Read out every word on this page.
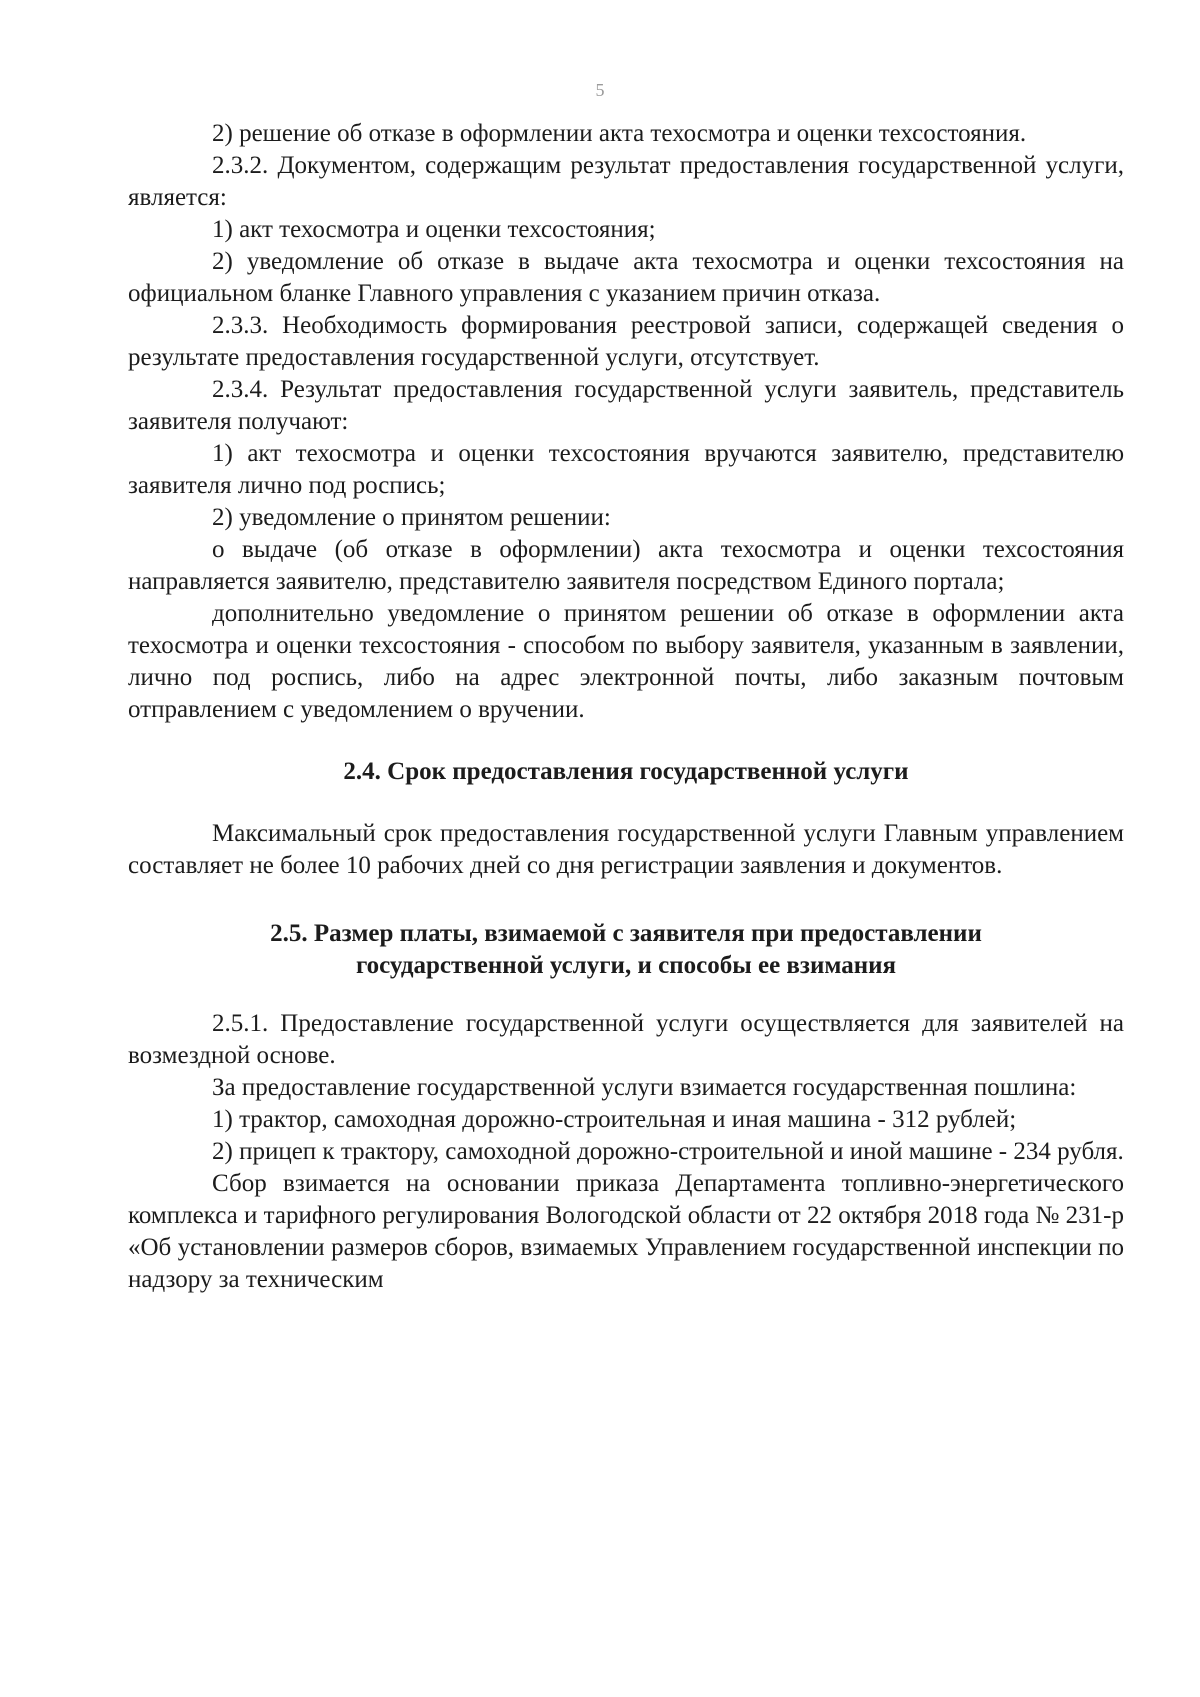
5

2) решение об отказе в оформлении акта техосмотра и оценки техсостояния.

2.3.2. Документом, содержащим результат предоставления государственной услуги, является:

1) акт техосмотра и оценки техсостояния;

2) уведомление об отказе в выдаче акта техосмотра и оценки техсостояния на официальном бланке Главного управления с указанием причин отказа.

2.3.3. Необходимость формирования реестровой записи, содержащей сведения о результате предоставления государственной услуги, отсутствует.

2.3.4. Результат предоставления государственной услуги заявитель, представитель заявителя получают:

1) акт техосмотра и оценки техсостояния вручаются заявителю, представителю заявителя лично под роспись;

2) уведомление о принятом решении:

о выдаче (об отказе в оформлении) акта техосмотра и оценки техсостояния направляется заявителю, представителю заявителя посредством Единого портала;

дополнительно уведомление о принятом решении об отказе в оформлении акта техосмотра и оценки техсостояния - способом по выбору заявителя, указанным в заявлении, лично под роспись, либо на адрес электронной почты, либо заказным почтовым отправлением с уведомлением о вручении.

2.4. Срок предоставления государственной услуги

Максимальный срок предоставления государственной услуги Главным управлением составляет не более 10 рабочих дней со дня регистрации заявления и документов.

2.5. Размер платы, взимаемой с заявителя при предоставлении
государственной услуги, и способы ее взимания

2.5.1. Предоставление государственной услуги осуществляется для заявителей на возмездной основе.

За предоставление государственной услуги взимается государственная пошлина:

1) трактор, самоходная дорожно-строительная и иная машина - 312 рублей;

2) прицеп к трактору, самоходной дорожно-строительной и иной машине - 234 рубля.

Сбор взимается на основании приказа Департамента топливно-энергетического комплекса и тарифного регулирования Вологодской области от 22 октября 2018 года № 231-р «Об установлении размеров сборов, взимаемых Управлением государственной инспекции по надзору за техническим
